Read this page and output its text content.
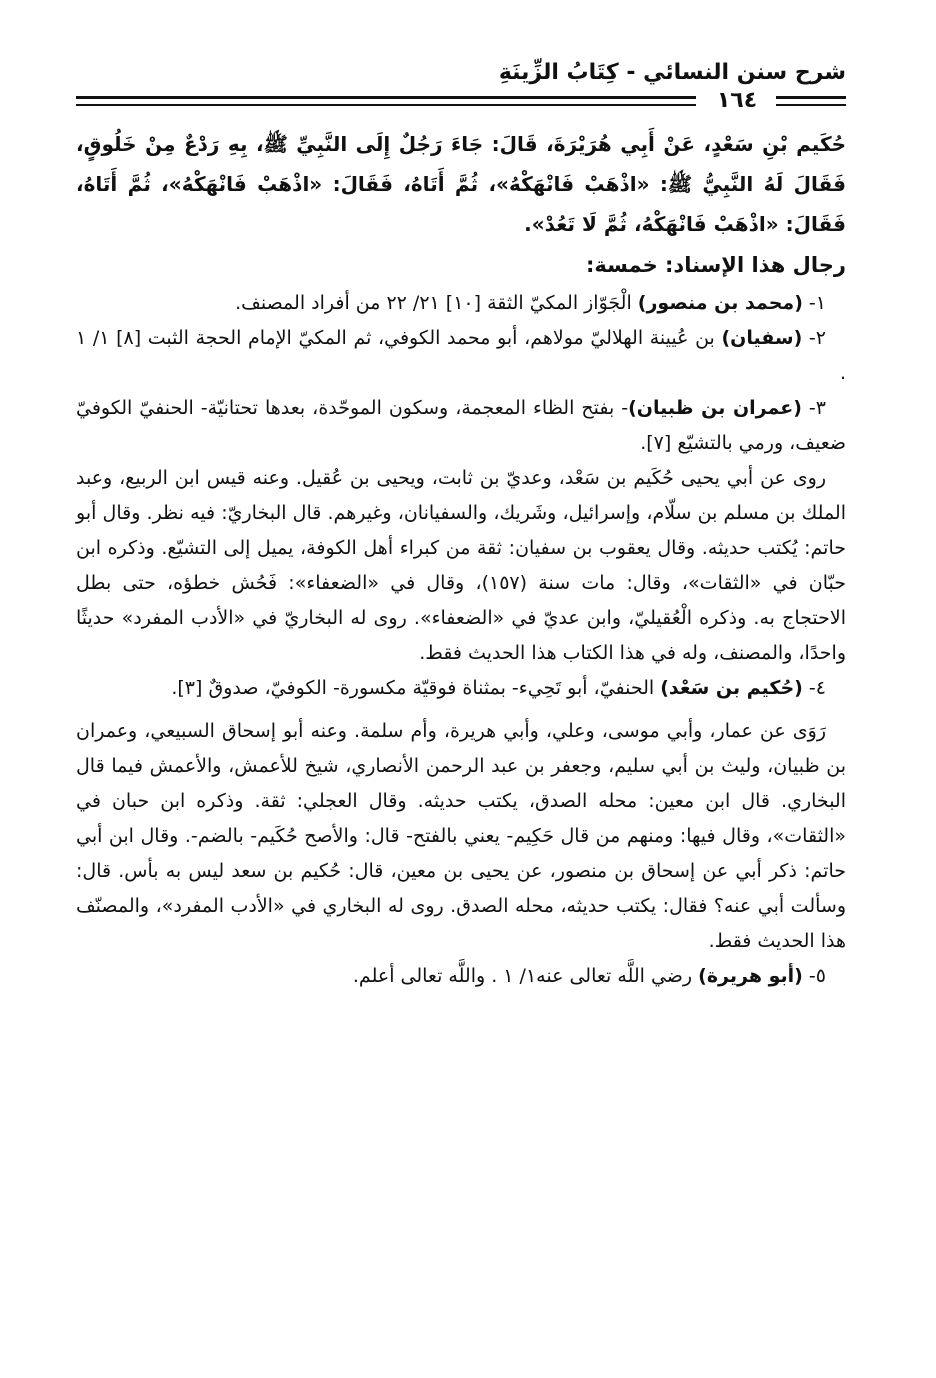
شرح سنن النسائي - كِتَابُ الزِّينَةِ
١٦٤

حُكَيم بْنِ سَعْدٍ، عَنْ أَبِي هُرَيْرَةَ، قَالَ: جَاءَ رَجُلٌ إِلَى النَّبِيِّ ﷺ، بِهِ رَدْعٌ مِنْ خَلُوقٍ، فَقَالَ لَهُ النَّبِيُّ ﷺ: «اذْهَبْ فَانْهَكْهُ»، ثُمَّ أَتَاهُ، فَقَالَ: «اذْهَبْ فَانْهَكْهُ»، ثُمَّ أَتَاهُ، فَقَالَ: «اذْهَبْ فَانْهَكْهُ، ثُمَّ لَا تَعُدْ».

رجال هذا الإسناد: خمسة:

١- (محمد بن منصور) الْجَوّاز المكيّ الثقة [١٠] ٢١/ ٢٢ من أفراد المصنف.

٢- (سفيان) بن عُيينة الهلاليّ مولاهم، أبو محمد الكوفي، ثم المكيّ الإمام الحجة الثبت [٨] ١/ ١ .

٣- (عمران بن ظبيان)- بفتح الظاء المعجمة، وسكون الموحّدة، بعدها تحتانيّة- الحنفيّ الكوفيّ ضعيف، ورمي بالتشيّع [٧].

روى عن أبي يحيى حُكَيم بن سَعْد، وعديّ بن ثابت، ويحيى بن عُقيل. وعنه قيس ابن الربيع، وعبد الملك بن مسلم بن سلّام، وإسرائيل، وشَريك، والسفيانان، وغيرهم. قال البخاريّ: فيه نظر. وقال أبو حاتم: يُكتب حديثه. وقال يعقوب بن سفيان: ثقة من كبراء أهل الكوفة، يميل إلى التشيّع. وذكره ابن حبّان في «الثقات»، وقال: مات سنة (١٥٧)، وقال في «الضعفاء»: فَحُش خطؤه، حتى بطل الاحتجاج به. وذكره الْعُقيليّ، وابن عديّ في «الضعفاء». روى له البخاريّ في «الأدب المفرد» حديثًا واحدًا، والمصنف، وله في هذا الكتاب هذا الحديث فقط.

٤- (حُكيم بن سَعْد) الحنفيّ، أبو تَحِيء- بمثناة فوقيّة مكسورة- الكوفيّ، صدوقٌ [٣].

رَوَى عن عمار، وأبي موسى، وعلي، وأبي هريرة، وأم سلمة. وعنه أبو إسحاق السبيعي، وعمران بن ظبيان، وليث بن أبي سليم، وجعفر بن عبد الرحمن الأنصاري، شيخ للأعمش، والأعمش فيما قال البخاري. قال ابن معين: محله الصدق، يكتب حديثه. وقال العجلي: ثقة. وذكره ابن حبان في «الثقات»، وقال فيها: ومنهم من قال حَكِيم- يعني بالفتح- قال: والأصح حُكَيم- بالضم-. وقال ابن أبي حاتم: ذكر أبي عن إسحاق بن منصور، عن يحيى بن معين، قال: حُكيم بن سعد ليس به بأس. قال: وسألت أبي عنه؟ فقال: يكتب حديثه، محله الصدق. روى له البخاري في «الأدب المفرد»، والمصنّف هذا الحديث فقط.

٥- (أبو هريرة) رضي اللَّه تعالى عنه١/ ١ . واللَّه تعالى أعلم.
